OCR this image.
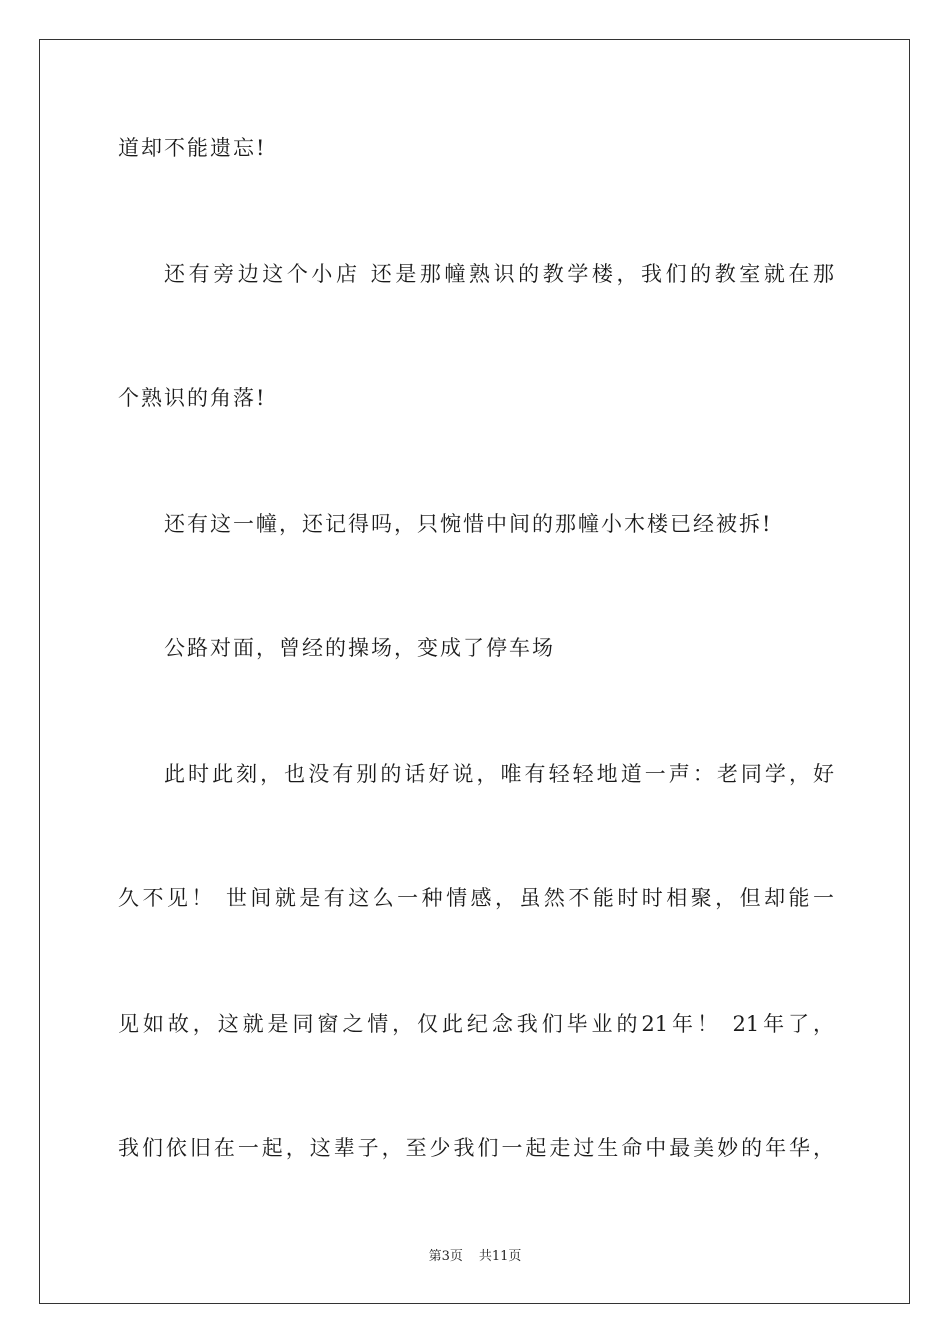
道却不能遗忘!
还有旁边这个小店 还是那幢熟识的教学楼，我们的教室就在那
个熟识的角落!
还有这一幢，还记得吗，只惋惜中间的那幢小木楼已经被拆!
公路对面，曾经的操场，变成了停车场
此时此刻，也没有别的话好说，唯有轻轻地道一声：老同学，好
久不见！ 世间就是有这么一种情感，虽然不能时时相聚，但却能一
见如故，这就是同窗之情，仅此纪念我们毕业的21年！ 21年了，
我们依旧在一起，这辈子，至少我们一起走过生命中最美妙的年华，
第3页 共11页
